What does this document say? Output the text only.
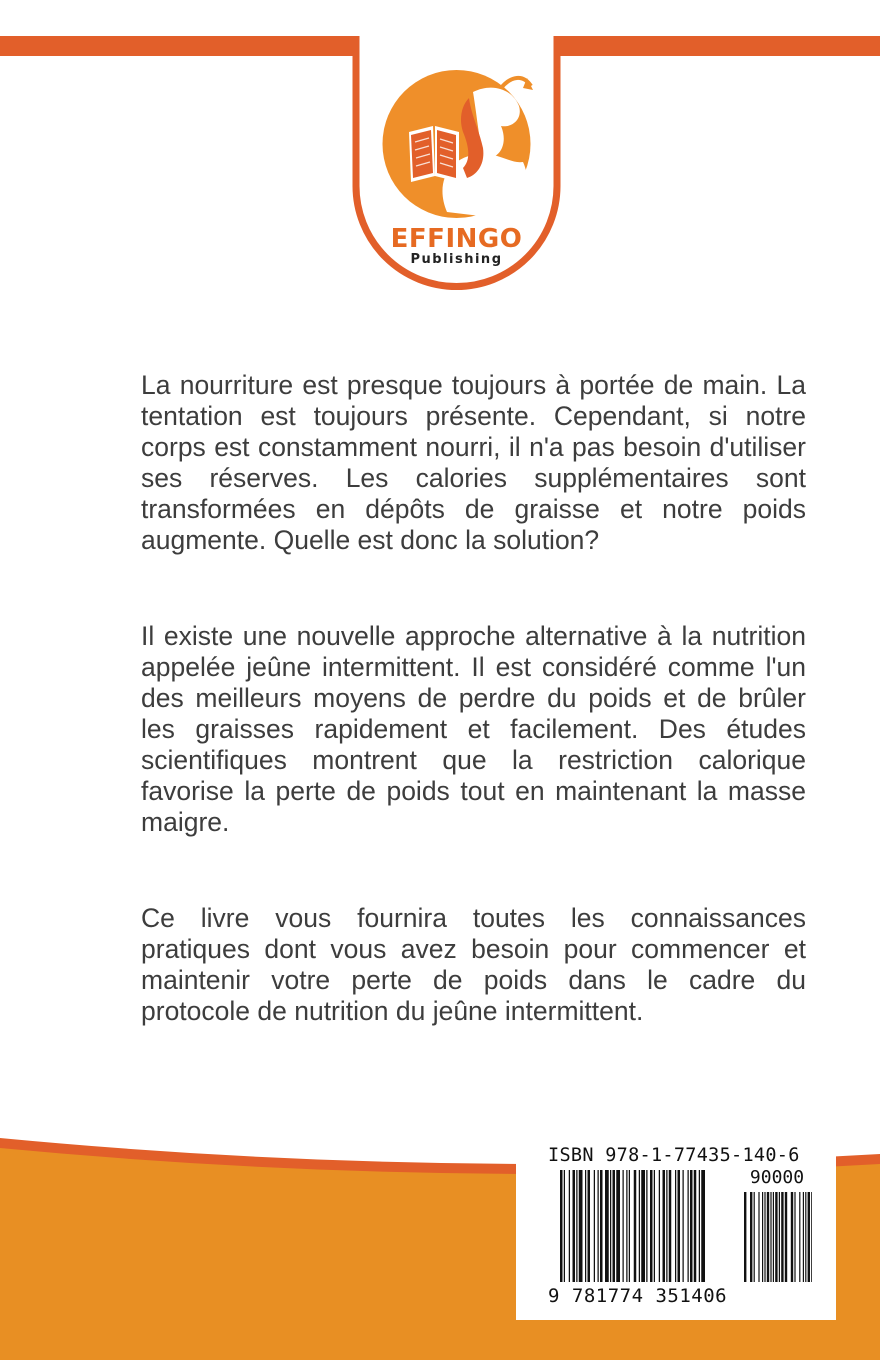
EFFINGO
Publishing

La nourriture est presque toujours à portée de main. La tentation est toujours présente. Cependant, si notre corps est constamment nourri, il n'a pas besoin d'utiliser ses réserves. Les calories supplémentaires sont transformées en dépôts de graisse et notre poids augmente. Quelle est donc la solution?

Il existe une nouvelle approche alternative à la nutrition appelée jeûne intermittent. Il est considéré comme l'un des meilleurs moyens de perdre du poids et de brûler les graisses rapidement et facilement. Des études scientifiques montrent que la restriction calorique favorise la perte de poids tout en maintenant la masse maigre.

Ce livre vous fournira toutes les connaissances pratiques dont vous avez besoin pour commencer et maintenir votre perte de poids dans le cadre du protocole de nutrition du jeûne intermittent.

ISBN 978-1-77435-140-6
90000
9 781774 351406
